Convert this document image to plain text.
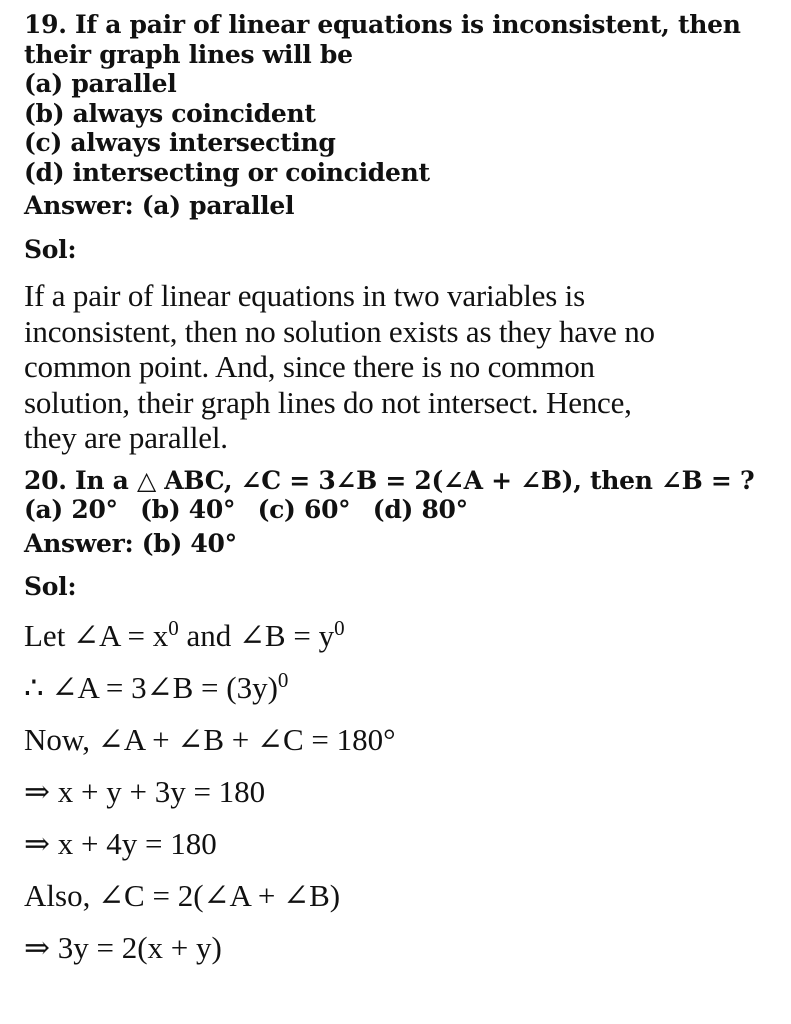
19. If a pair of linear equations is inconsistent, then
their graph lines will be
(a) parallel
(b) always coincident
(c) always intersecting
(d) intersecting or coincident
Answer: (a) parallel
Sol:
If a pair of linear equations in two variables is
inconsistent, then no solution exists as they have no
common point. And, since there is no common
solution, their graph lines do not intersect. Hence,
they are parallel.
20. In a △ ABC, ∠C = 3∠B = 2(∠A + ∠B), then ∠B = ?
(a) 20° (b) 40° (c) 60° (d) 80°
Answer: (b) 40°
Sol:
Let ∠A = $x^0$ and ∠B = $y^0$
∴ ∠A = 3∠B = $(3y)^0$
Now, ∠A + ∠B + ∠C = 180°
⇒ x + y + 3y = 180
⇒ x + 4y = 180
Also, ∠C = 2(∠A + ∠B)
⇒ 3y = 2(x + y)
